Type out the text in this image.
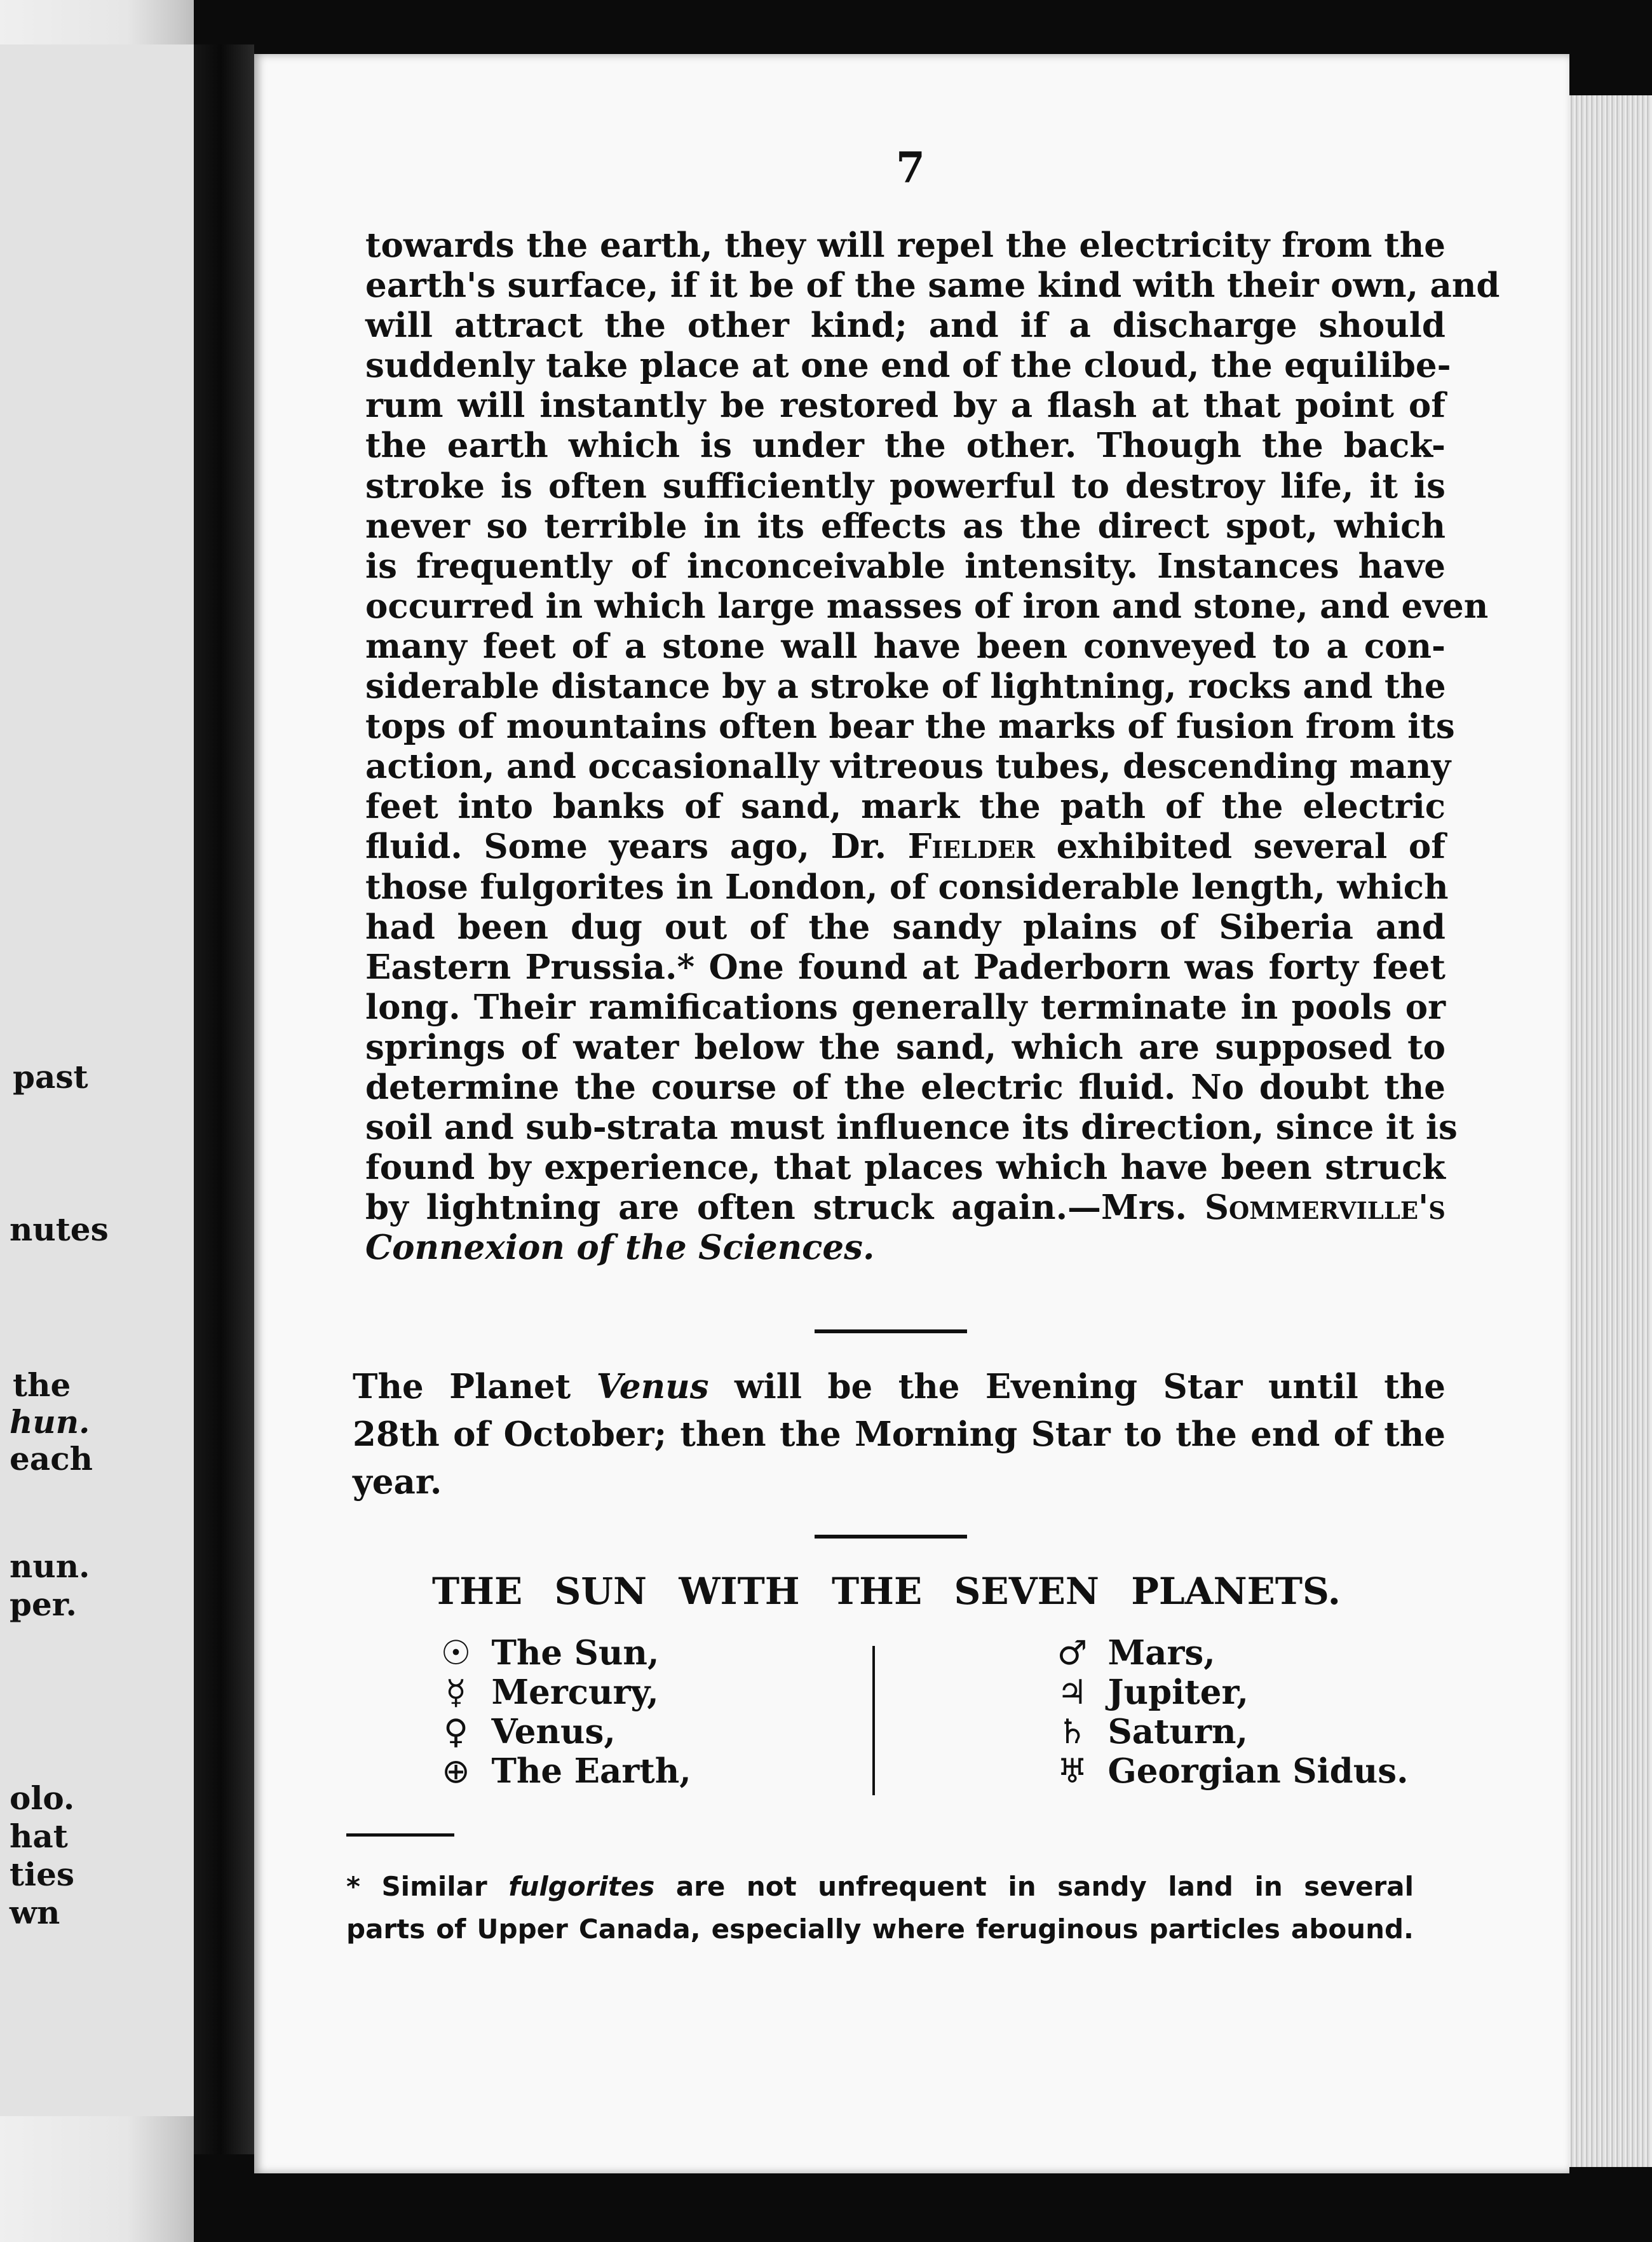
past
nutes
the
hun.
each
nun.
per.
olo.
hat
ties
wn
7
towards the earth, they will repel the electricity from the
earth's surface, if it be of the same kind with their own, and
will attract the other kind; and if a discharge should
suddenly take place at one end of the cloud, the equilibe-
rum will instantly be restored by a flash at that point of
the earth which is under the other. Though the back-
stroke is often sufficiently powerful to destroy life, it is
never so terrible in its effects as the direct spot, which
is frequently of inconceivable intensity. Instances have
occurred in which large masses of iron and stone, and even
many feet of a stone wall have been conveyed to a con-
siderable distance by a stroke of lightning, rocks and the
tops of mountains often bear the marks of fusion from its
action, and occasionally vitreous tubes, descending many
feet into banks of sand, mark the path of the electric
fluid. Some years ago, Dr. Fielder exhibited several of
those fulgorites in London, of considerable length, which
had been dug out of the sandy plains of Siberia and
Eastern Prussia.* One found at Paderborn was forty feet
long. Their ramifications generally terminate in pools or
springs of water below the sand, which are supposed to
determine the course of the electric fluid. No doubt the
soil and sub-strata must influence its direction, since it is
found by experience, that places which have been struck
by lightning are often struck again.—Mrs. Sommerville's
Connexion of the Sciences.
The Planet Venus will be the Evening Star until the
28th of October; then the Morning Star to the end of the
year.
THE SUN WITH THE SEVEN PLANETS.
☉ The Sun,
☿ Mercury,
♀ Venus,
⊕ The Earth,
♂ Mars,
♃ Jupiter,
♄ Saturn,
♅ Georgian Sidus.
* Similar fulgorites are not unfrequent in sandy land in several
parts of Upper Canada, especially where feruginous particles abound.
